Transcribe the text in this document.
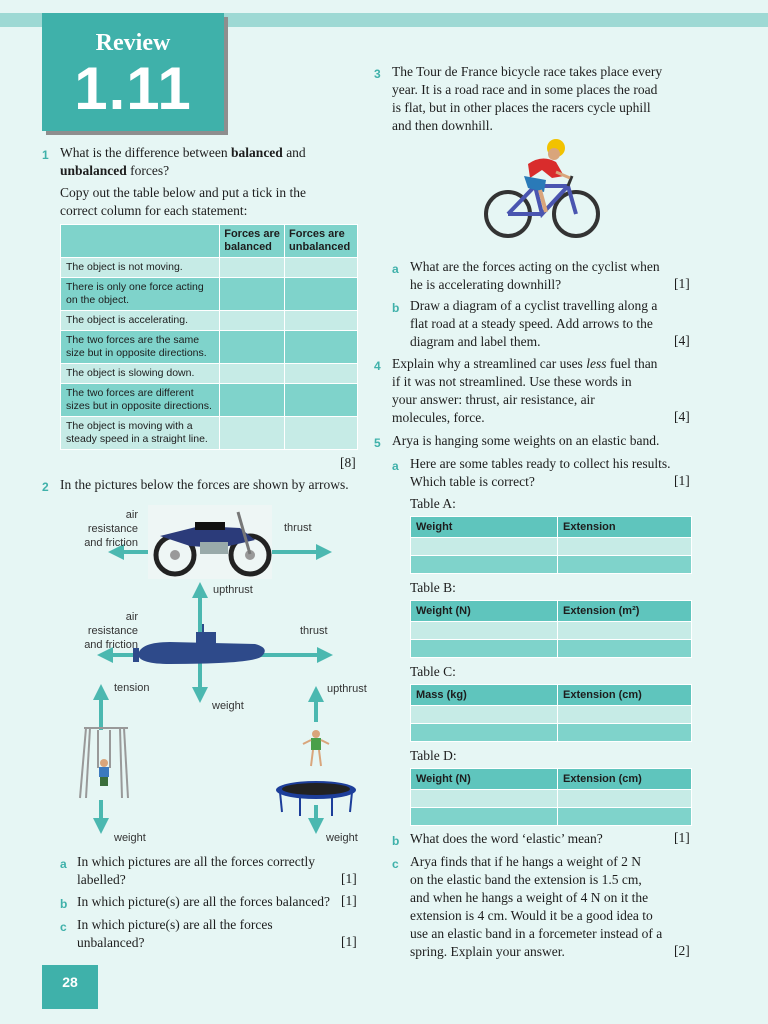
Review
1.11
1 What is the difference between balanced and
unbalanced forces?
Copy out the table below and put a tick in the
correct column for each statement:
	Forces are balanced	Forces are unbalanced
The object is not moving.		
There is only one force acting on the object.		
The object is accelerating.		
The two forces are the same size but in opposite directions.		
The object is slowing down.		
The two forces are different sizes but in opposite directions.		
The object is moving with a steady speed in a straight line.		
[8]
2 In the pictures below the forces are shown by arrows.
air resistance
and friction
thrust
upthrust
air resistance
and friction
thrust
weight
tension	upthrust
weight	weight
a In which pictures are all the forces correctly
labelled?	[1]
b In which picture(s) are all the forces balanced? [1]
c In which picture(s) are all the forces
unbalanced?	[1]
28
3 The Tour de France bicycle race takes place every
year. It is a road race and in some places the road
is flat, but in other places the racers cycle uphill
and then downhill.
a What are the forces acting on the cyclist when
he is accelerating downhill?	[1]
b Draw a diagram of a cyclist travelling along a
flat road at a steady speed. Add arrows to the
diagram and label them.	[4]
4 Explain why a streamlined car uses less fuel than
if it was not streamlined. Use these words in
your answer: thrust, air resistance, air
molecules, force.	[4]
5 Arya is hanging some weights on an elastic band.
a Here are some tables ready to collect his results.
Which table is correct?	[1]
Table A:
Weight	Extension

Table B:
Weight (N)	Extension (m²)

Table C:
Mass (kg)	Extension (cm)

Table D:
Weight (N)	Extension (cm)

b What does the word ‘elastic’ mean?	[1]
c Arya finds that if he hangs a weight of 2 N
on the elastic band the extension is 1.5 cm,
and when he hangs a weight of 4 N on it the
extension is 4 cm. Would it be a good idea to
use an elastic band in a forcemeter instead of a
spring. Explain your answer.	[2]
